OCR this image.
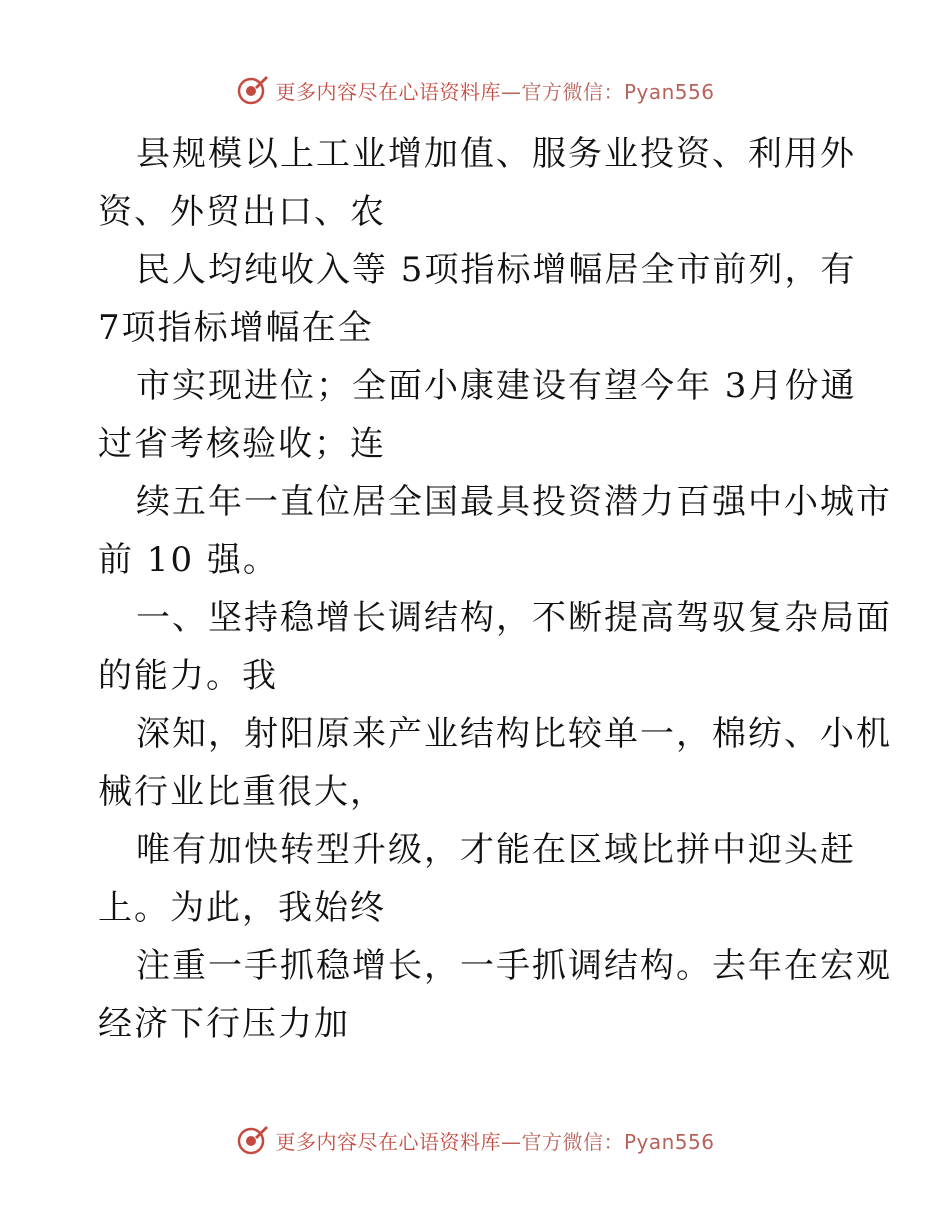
更多内容尽在心语资料库—官方微信：Pyan556
县规模以上工业增加值、服务业投资、利用外
资、外贸出口、农
民人均纯收入等 5项指标增幅居全市前列，有
7项指标增幅在全
市实现进位；全面小康建设有望今年 3月份通
过省考核验收；连
续五年一直位居全国最具投资潜力百强中小城市
前 10 强。
一、坚持稳增长调结构，不断提高驾驭复杂局面
的能力。我
深知，射阳原来产业结构比较单一，棉纺、小机
械行业比重很大，
唯有加快转型升级，才能在区域比拼中迎头赶
上。为此，我始终
注重一手抓稳增长，一手抓调结构。去年在宏观
经济下行压力加
更多内容尽在心语资料库—官方微信：Pyan556
